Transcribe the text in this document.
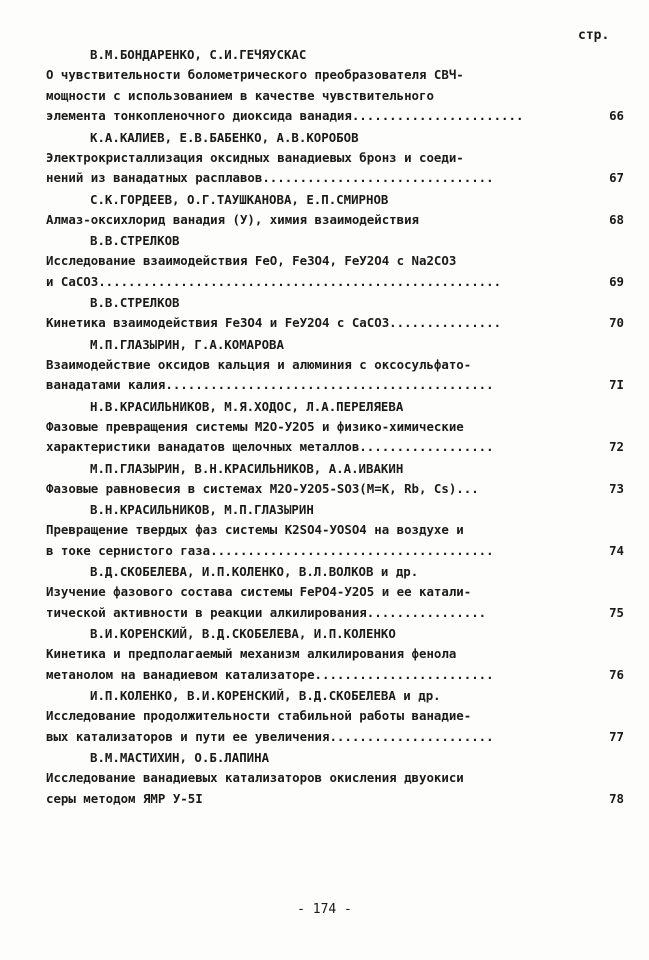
стр.
В.М.БОНДАРЕНКО, С.И.ГЕЧЯУСКАС
О чувствительности болометрического преобразователя СВЧ-
мощности с использованием в качестве чувствительного
элемента тонкопленочного диоксида ванадия.......................	66
К.А.КАЛИЕВ, Е.В.БАБЕНКО, А.В.КОРОБОВ
Электрокристаллизация оксидных ванадиевых бронз и соеди-
нений из ванадатных расплавов...............................	67
С.К.ГОРДЕЕВ, О.Г.ТАУШКАНОВА, Е.П.СМИРНОВ
Алмаз-оксихлорид ванадия (У), химия взаимодействия	68
В.В.СТРЕЛКОВ
Исследование взаимодействия FeO, Fe3O4, FeУ2O4 с Na2CO3
и CaCO3......................................................	69
В.В.СТРЕЛКОВ
Кинетика взаимодействия Fe3O4 и FeУ2O4 с CaCO3...............	70
М.П.ГЛАЗЫРИН, Г.А.КОМАРОВА
Взаимодействие оксидов кальция и алюминия с оксосульфато-
ванадатами калия............................................	7I
Н.В.КРАСИЛЬНИКОВ, М.Я.ХОДОС, Л.А.ПЕРЕЛЯЕВА
Фазовые превращения системы M2O-У2O5 и физико-химические
характеристики ванадатов щелочных металлов..................	72
М.П.ГЛАЗЫРИН, В.Н.КРАСИЛЬНИКОВ, А.А.ИВАКИН
Фазовые равновесия в системах M2O-У2O5-SO3(M=K, Rb, Cs)...	73
В.Н.КРАСИЛЬНИКОВ, М.П.ГЛАЗЫРИН
Превращение твердых фаз системы K2SO4-УOSO4 на воздухе и
в токе сернистого газа......................................	74
В.Д.СКОБЕЛЕВА, И.П.КОЛЕНКО, В.Л.ВОЛКОВ и др.
Изучение фазового состава системы FePO4-У2O5 и ее катали-
тической активности в реакции алкилирования................	75
В.И.КОРЕНСКИЙ, В.Д.СКОБЕЛЕВА, И.П.КОЛЕНКО
Кинетика и предполагаемый механизм алкилирования фенола
метанолом на ванадиевом катализаторе........................	76
И.П.КОЛЕНКО, В.И.КОРЕНСКИЙ, В.Д.СКОБЕЛЕВА и др.
Исследование продолжительности стабильной работы ванадие-
вых катализаторов и пути ее увеличения......................	77
В.М.МАСТИХИН, О.Б.ЛАПИНА
Исследование ванадиевых катализаторов окисления двуокиси
серы методом ЯМР У-5I	78
- 174 -
